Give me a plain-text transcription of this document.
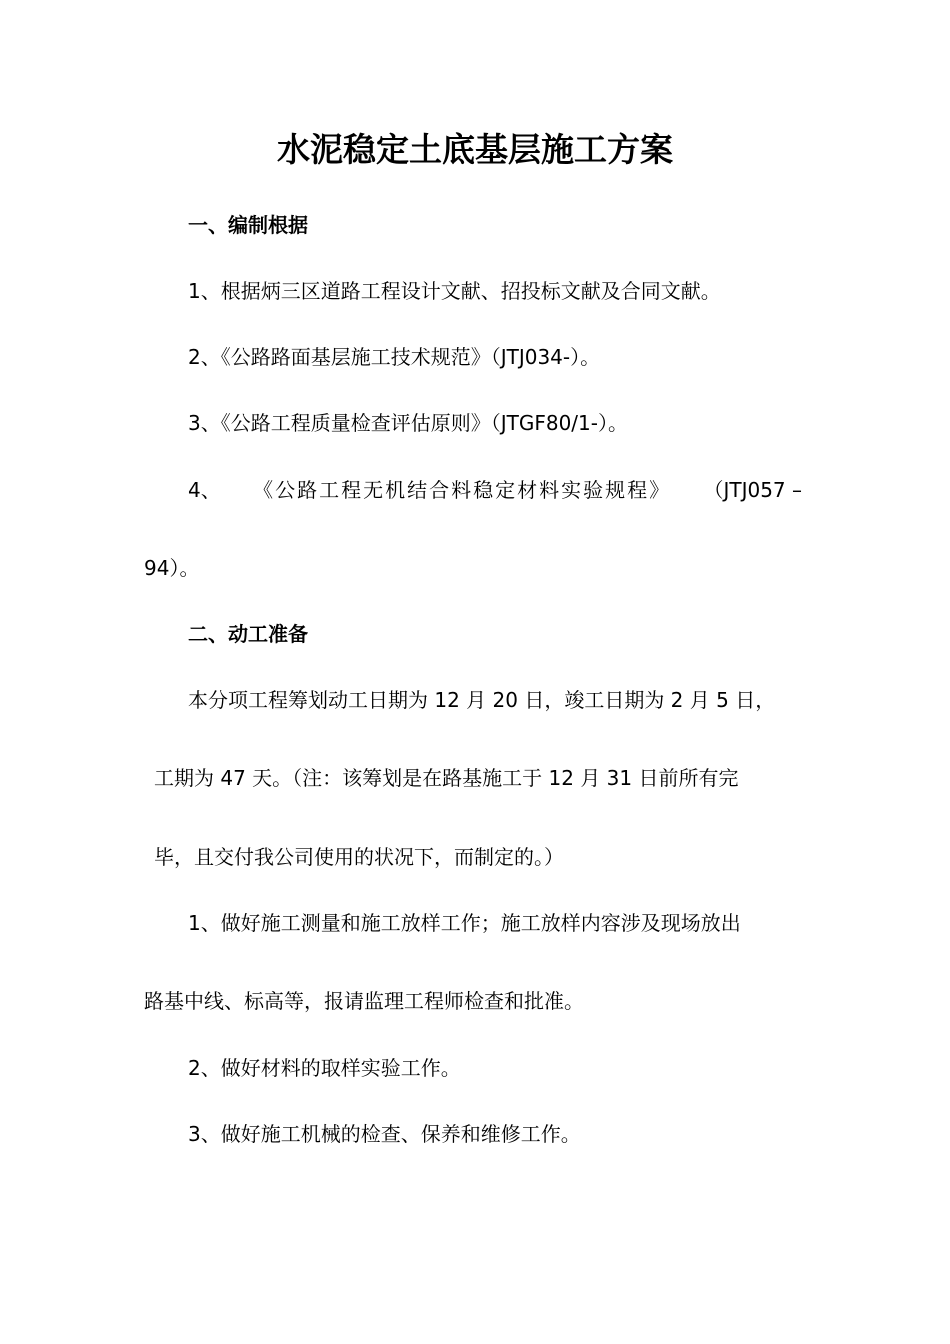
水泥稳定土底基层施工方案

一、编制根据

1、根据炳三区道路工程设计文献、招投标文献及合同文献。

2、《公路路面基层施工技术规范》（JTJ034-）。

3、《公路工程质量检查评估原则》（JTGF80/1-）。

4、 《公路工程无机结合料稳定材料实验规程》 （JTJ057 –

94）。

二、动工准备

本分项工程筹划动工日期为 12 月 20 日，竣工日期为 2 月 5 日，

工期为 47 天。（注：该筹划是在路基施工于 12 月 31 日前所有完

毕，且交付我公司使用的状况下，而制定的。）

1、做好施工测量和施工放样工作；施工放样内容涉及现场放出

路基中线、标高等，报请监理工程师检查和批准。

2、做好材料的取样实验工作。

3、做好施工机械的检查、保养和维修工作。
